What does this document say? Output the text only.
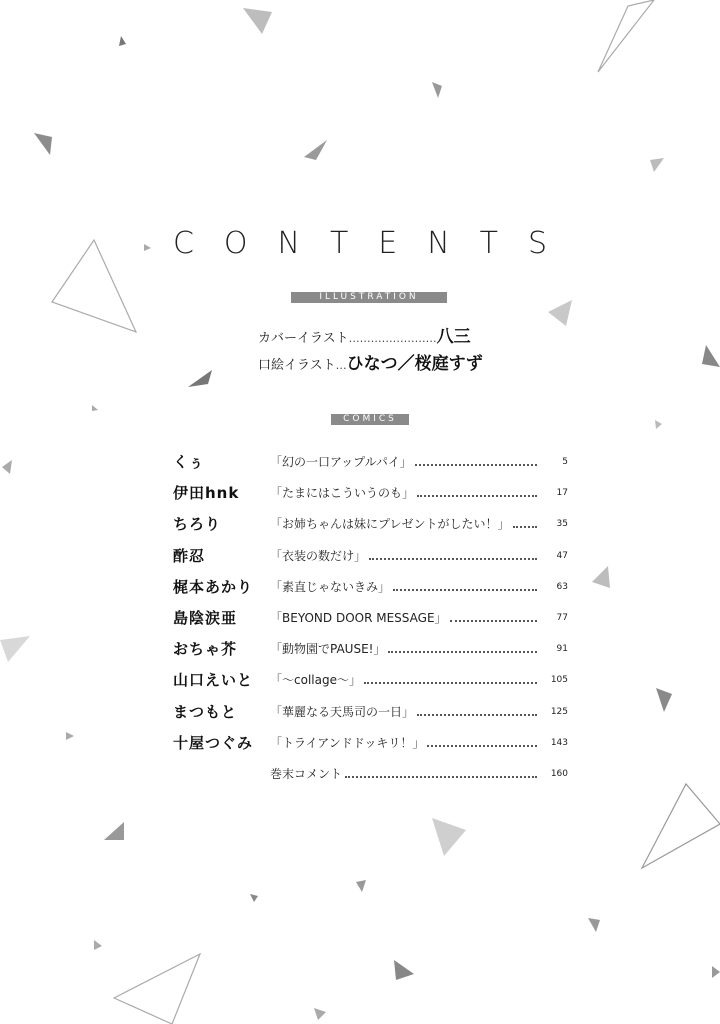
CONTENTS
ILLUSTRATION
カバーイラスト……………………八三
口絵イラスト…ひなつ／桜庭すず
COMICS
くぅ	「幻の一口アップルパイ」	5
伊田hnk	「たまにはこういうのも」	17
ちろり	「お姉ちゃんは妹にプレゼントがしたい！」	35
酢忍	「衣装の数だけ」	47
梶本あかり 「素直じゃないきみ」	63
島陰涙亜	「BEYOND DOOR MESSAGE」	77
おちゃ芥	「動物園でPAUSE!」	91
山口えいと 「～collage～」	105
まつもと	「華麗なる天馬司の一日」	125
十屋つぐみ 「トライアンドドッキリ！」	143
巻末コメント	160
